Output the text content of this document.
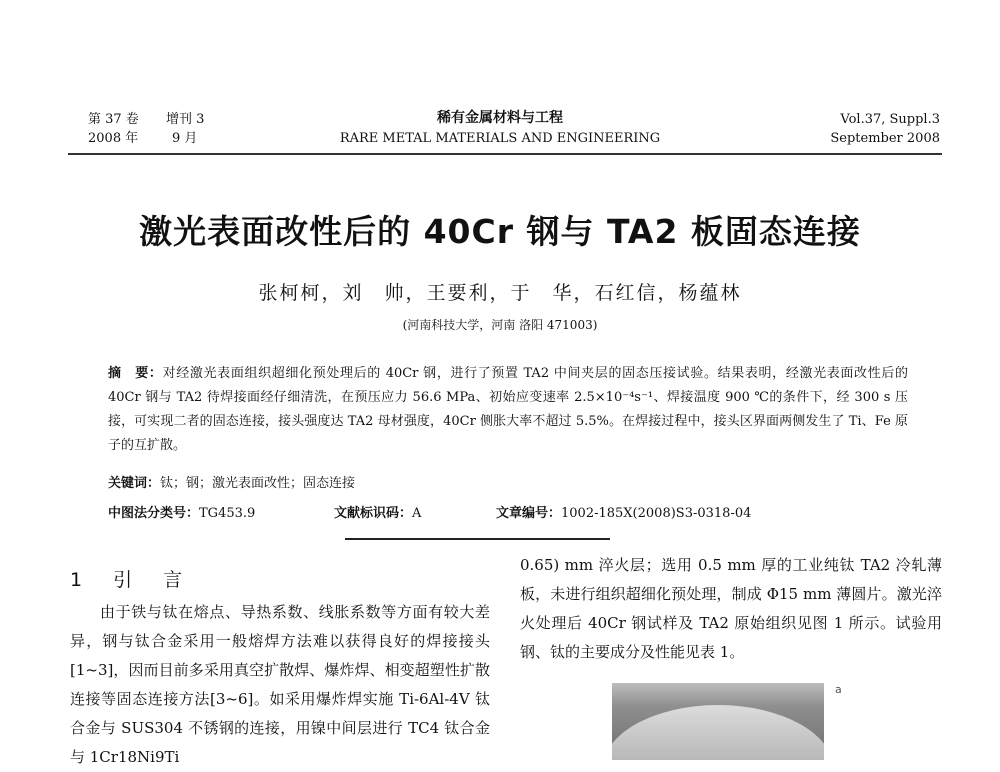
第 37 卷 增刊 3
2008 年	9 月
稀有金属材料与工程
RARE METAL MATERIALS AND ENGINEERING
Vol.37, Suppl.3
September 2008
激光表面改性后的 40Cr 钢与 TA2 板固态连接
张柯柯，刘　帅，王要利，于　华，石红信，杨蕴林
(河南科技大学，河南 洛阳 471003)
摘　要：对经激光表面组织超细化预处理后的 40Cr 钢，进行了预置 TA2 中间夹层的固态压接试验。结果表明，经激光表面改性后的 40Cr 钢与 TA2 待焊接面经仔细清洗，在预压应力 56.6 MPa、初始应变速率 2.5×10⁻⁴s⁻¹、焊接温度 900 ℃的条件下，经 300 s 压接，可实现二者的固态连接，接头强度达 TA2 母材强度，40Cr 侧胀大率不超过 5.5%。在焊接过程中，接头区界面两侧发生了 Ti、Fe 原子的互扩散。
关键词：钛；钢；激光表面改性；固态连接
中图法分类号：TG453.9	文献标识码：A	文章编号：1002-185X(2008)S3-0318-04
1　引　言
由于铁与钛在熔点、导热系数、线胀系数等方面有较大差异，钢与钛合金采用一般熔焊方法难以获得良好的焊接接头[1~3]，因而目前多采用真空扩散焊、爆炸焊、相变超塑性扩散连接等固态连接方法[3~6]。如采用爆炸焊实施 Ti-6Al-4V 钛合金与 SUS304 不锈钢的连接，用镍中间层进行 TC4 钛合金与 1Cr18Ni9Ti
0.65) mm 淬火层；选用 0.5 mm 厚的工业纯钛 TA2 冷轧薄板，未进行组织超细化预处理，制成 Φ15 mm 薄圆片。激光淬火处理后 40Cr 钢试样及 TA2 原始组织见图 1 所示。试验用钢、钛的主要成分及性能见表 1。
a
